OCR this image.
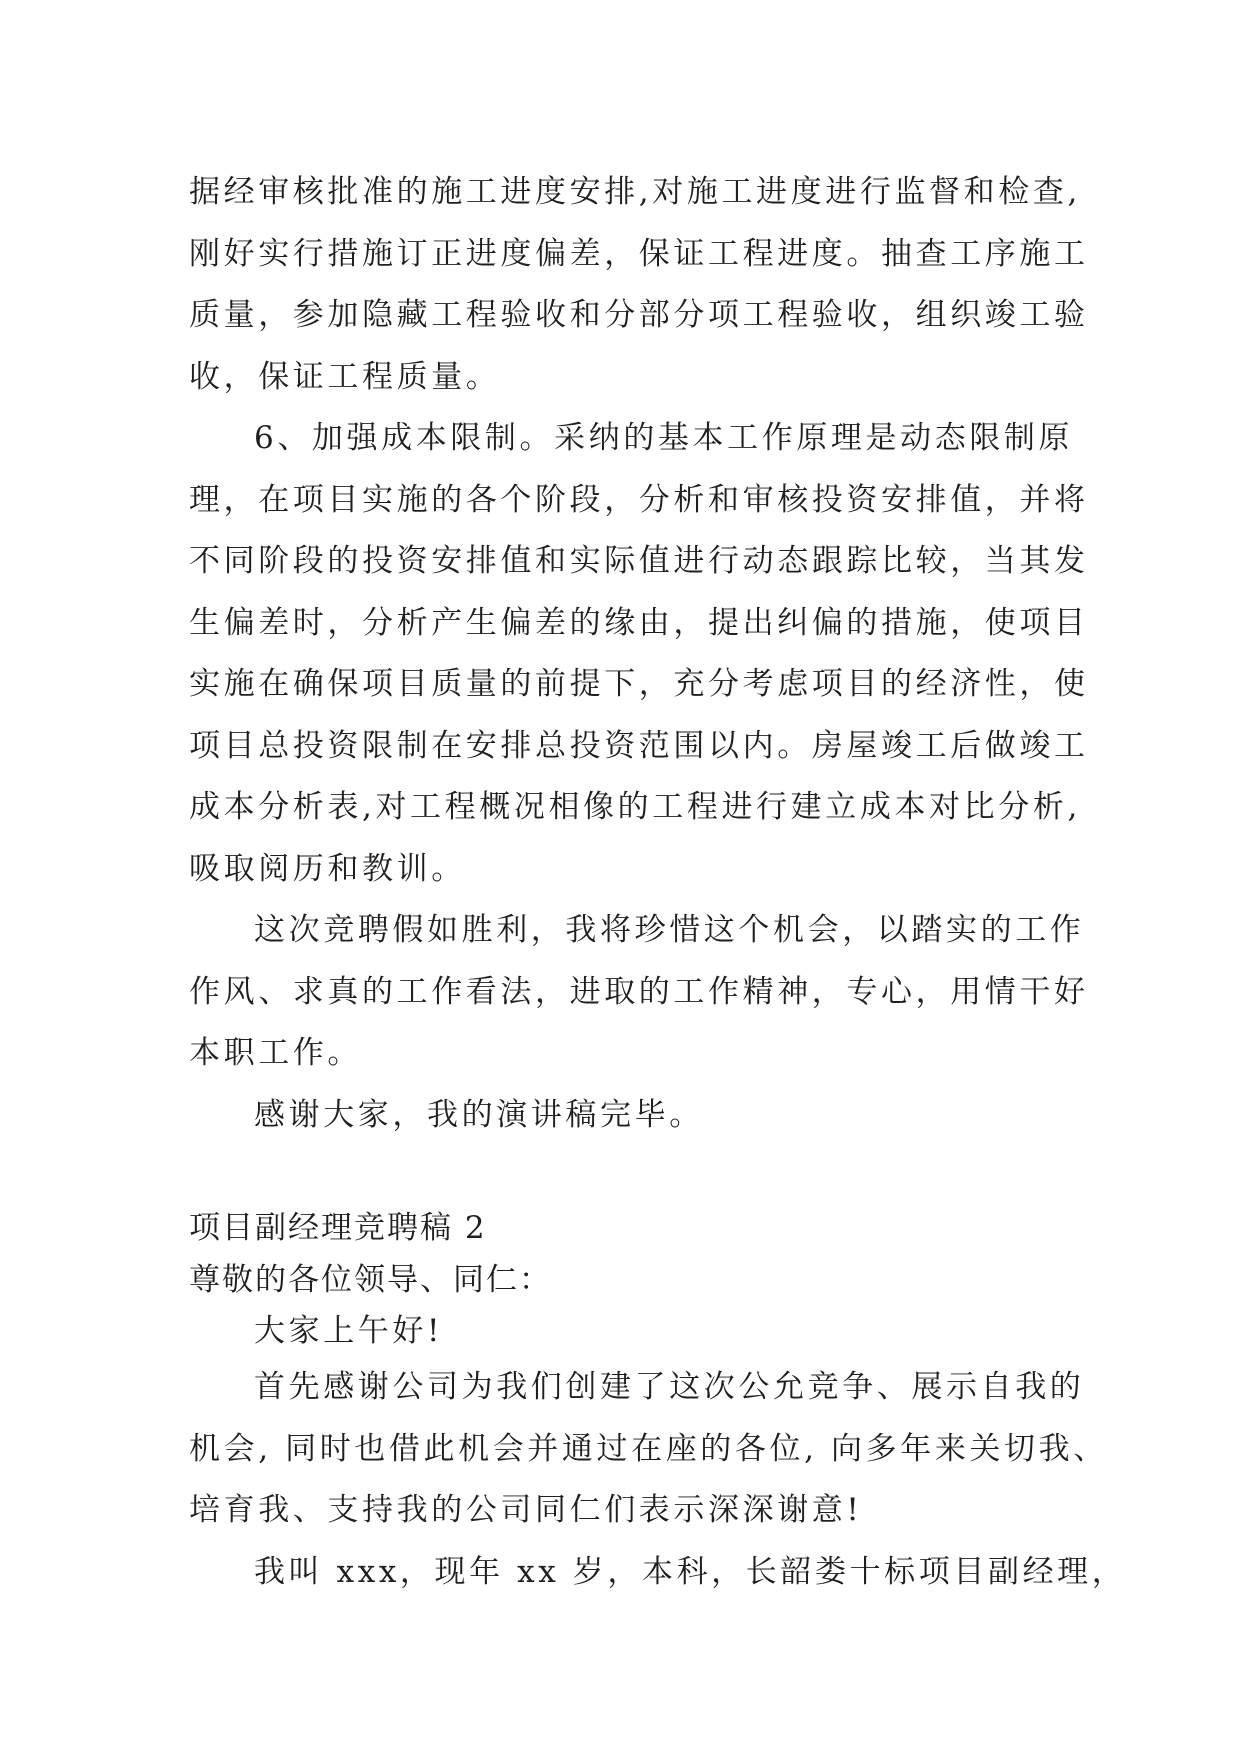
据经审核批准的施工进度安排,对施工进度进行监督和检查,

刚好实行措施订正进度偏差，保证工程进度。抽查工序施工

质量，参加隐藏工程验收和分部分项工程验收，组织竣工验

收，保证工程质量。

6、加强成本限制。采纳的基本工作原理是动态限制原

理，在项目实施的各个阶段，分析和审核投资安排值，并将

不同阶段的投资安排值和实际值进行动态跟踪比较，当其发

生偏差时，分析产生偏差的缘由，提出纠偏的措施，使项目

实施在确保项目质量的前提下，充分考虑项目的经济性，使

项目总投资限制在安排总投资范围以内。房屋竣工后做竣工

成本分析表,对工程概况相像的工程进行建立成本对比分析,

吸取阅历和教训。

这次竞聘假如胜利，我将珍惜这个机会，以踏实的工作

作风、求真的工作看法，进取的工作精神，专心，用情干好

本职工作。

感谢大家，我的演讲稿完毕。

项目副经理竞聘稿 2

尊敬的各位领导、同仁：

大家上午好!

首先感谢公司为我们创建了这次公允竞争、展示自我的

机会, 同时也借此机会并通过在座的各位, 向多年来关切我、

培育我、支持我的公司同仁们表示深深谢意!

我叫 xxx，现年 xx 岁，本科，长韶娄十标项目副经理，
